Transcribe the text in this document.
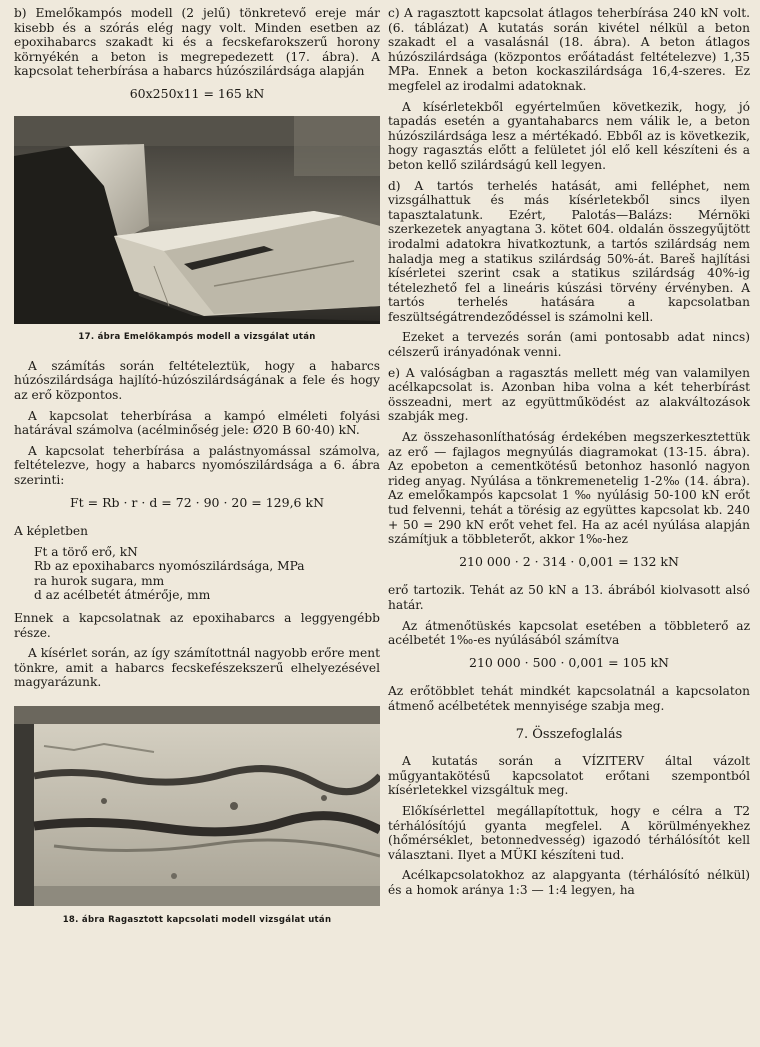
b) Emelőkampós modell (2 jelű) tönkretevő ereje már kisebb és a szórás elég nagy volt. Minden esetben az epoxihabarcs szakadt ki és a fecskefarokszerű horony környékén a beton is megrepedezett (17. ábra). A kapcsolat teherbírása a habarcs húzószilárdsága alapján

60x250x11 = 165 kN
17. ábra Emelőkampós modell a vizsgálat után

A számítás során feltételeztük, hogy a habarcs húzószilárdsága hajlító-húzószilárdságának a fele és hogy az erő központos.

A kapcsolat teherbírása a kampó elméleti folyási határával számolva (acélminőség jele: Ø20 B 60·40) kN.

A kapcsolat teherbírása a palástnyomással számolva, feltételezve, hogy a habarcs nyomószilárdsága a 6. ábra szerinti:

Ft = Rb · r · d = 72 · 90 · 20 = 129,6 kN

A képletben

Ft a törő erő, kN
Rb az epoxihabarcs nyomószilárdsága, MPa
ra hurok sugara, mm
d az acélbetét átmérője, mm

Ennek a kapcsolatnak az epoxihabarcs a leggyengébb része.

A kísérlet során, az így számítottnál nagyobb erőre ment tönkre, amit a habarcs fecskefészekszerű elhelyezésével magyarázunk.

18. ábra Ragasztott kapcsolati modell vizsgálat után

c) A ragasztott kapcsolat átlagos teherbírása 240 kN volt. (6. táblázat) A kutatás során kivétel nélkül a beton szakadt el a vasalásnál (18. ábra). A beton átlagos húzószilárdsága (központos erőátadást feltételezve) 1,35 MPa. Ennek a beton kockaszilárdsága 16,4-szeres. Ez megfelel az irodalmi adatoknak.

A kísérletekből egyértelműen következik, hogy, jó tapadás esetén a gyantahabarcs nem válik le, a beton húzószilárdsága lesz a mértékadó. Ebből az is következik, hogy ragasztás előtt a felületet jól elő kell készíteni és a beton kellő szilárdságú kell legyen.

d) A tartós terhelés hatását, ami felléphet, nem vizsgálhattuk és más kísérletekből sincs ilyen tapasztalatunk. Ezért, Palotás—Balázs: Mérnöki szerkezetek anyagtana 3. kötet 604. oldalán összegyűjtött irodalmi adatokra hivatkoztunk, a tartós szilárdság nem haladja meg a statikus szilárdság 50%-át. Bareš hajlítási kísérletei szerint csak a statikus szilárdság 40%-ig tételezhető fel a lineáris kúszási törvény érvényben. A tartós terhelés hatására a kapcsolatban feszültségátrendeződéssel is számolni kell.

Ezeket a tervezés során (ami pontosabb adat nincs) célszerű irányadónak venni.

e) A valóságban a ragasztás mellett még van valamilyen acélkapcsolat is. Azonban hiba volna a két teherbírást összeadni, mert az együttműködést az alakváltozások szabják meg.

Az összehasonlíthatóság érdekében megszerkesztettük az erő — fajlagos megnyúlás diagramokat (13-15. ábra). Az epobeton a cementkötésű betonhoz hasonló nagyon rideg anyag. Nyúlása a tönkremenetelig 1-2‰ (14. ábra). Az emelőkampós kapcsolat 1 ‰ nyúlásig 50-100 kN erőt tud felvenni, tehát a törésig az együttes kapcsolat kb. 240 + 50 = 290 kN erőt vehet fel. Ha az acél nyúlása alapján számítjuk a többleterőt, akkor 1‰-hez

210 000 · 2 · 314 · 0,001 = 132 kN

erő tartozik. Tehát az 50 kN a 13. ábrából kiolvasott alsó határ.

Az átmenőtüskés kapcsolat esetében a többleterő az acélbetét 1‰-es nyúlásából számítva

210 000 · 500 · 0,001 = 105 kN

Az erőtöbblet tehát mindkét kapcsolatnál a kapcsolaton átmenő acélbetétek mennyisége szabja meg.

7. Összefoglalás

A kutatás során a VÍZITERV által vázolt műgyantakötésű kapcsolatot erőtani szempontból kísérletekkel vizsgáltuk meg.

Előkísérlettel megállapítottuk, hogy e célra a T2 térhálósítójú gyanta megfelel. A körülményekhez (hőmérséklet, betonnedvesség) igazodó térhálósítót kell választani. Ilyet a MÜKI készíteni tud.

Acélkapcsolatokhoz az alapgyanta (térhálósító nélkül) és a homok aránya 1:3 — 1:4 legyen, ha
